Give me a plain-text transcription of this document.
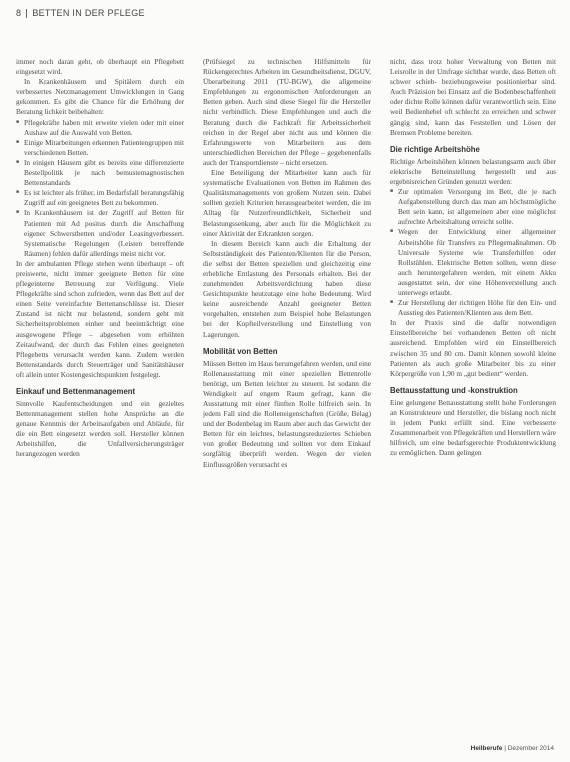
8 BETTEN IN DER PFLEGE

immer noch daran geht, ob überhaupt ein Pflegebett eingesetzt wird.

In Krankenhäusern und Spitälern durch ein verbessertes Netzmanagement Umwicklungen in Gang gekommen. Es gibt die Chance für die Erhöhung der Beratung lichkeit beibehalten:

■ Pflegekräfte haben mit erweite vielen oder mit einer Aushaw auf die Auswahl von Betten.
■ Einige Mitarbeitungen erkennen Patientengruppen mit verschiedenen Betten.
■ In einigen Häusern gibt es bereits eine differenzierte Bestellpolitik je nach bemustemagnostischen Bettenstandards
■ Es ist leichter als früher, im Bedarfsfall beratungsfähig Zugriff auf ein geeignetes Bett zu bekommen.
■ In Krankenhäusern ist der Zugriff auf Betten für Patienten mit Ad positus durch die Anschaffung eigener Schwerstbetten und/oder Leasingverbessert. Systematische Regelungen (Leisten betreffende Räumen) fehlen dafür allerdings meist nicht vor.

In der ambulanten Pflege stehen wenn überhaupt – oft preiswerte, nicht immer geeignete Betten für eine pflegeinterne Betreuung zur Verfügung. Viele Pflegekräfte sind schon zufrieden, wenn das Bett auf der einen Seite vereinfachte Bettenanschlüsse ist. Dieser Zustand ist nicht nur belastend, sondern geht mit Sicherheitsproblemen einher und beeinträchtigt eine ausgewogene Pflege – abgesehen vom erhöhten Zeitaufwand, der durch das Fehlen eines geeigneten Pflegebetts verursacht werden kann. Zudem werden Bettenstandards durch Steuerträger und Sanitätshäuser oft allein unter Kostengesichtspunkten festgelegt.

Einkauf und Bettenmanagement

Sinnvolle Kaufentscheidungen und ein gezieltes Bettenmanagement stellen hohe Ansprüche an die genaue Kenntnis der Arbeitsaufgaben und Abläufe, für die ein Bett eingesetzt werden soll. Hersteller können Arbeitshilfen, die Unfallversicherungsträger herangezogen werden

(Prüfsiegel zu technischen Hilfsmitteln für Rückengerechtes Arbeiten im Gesundheitsdienst, DGUV, Überarbeitung 2011 (TÜ-BGW), die allgemeine Empfehlungen zu ergonomischen Anforderungen an Betten geben. Auch sind diese Siegel für die Hersteller nicht verbindlich. Diese Empfehlungen und auch die Beratung durch die Fachkraft für Arbeitssicherheit reichen in der Regel aber nicht aus und können die Erfahrungswerte von Mitarbeitern aus dem unterschiedlichen Bereichen der Pflege – gegebenenfalls auch der Transportdienste – nicht ersetzen.

Eine Beteiligung der Mitarbeiter kann auch für systematische Evaluationen von Betten im Rahmen des Qualitätsmanagements von großem Nutzen sein. Dabei sollten gezielt Kriterien herausgearbeitet werden, die im Alltag für Nutzerfreundlichkeit, Sicherheit und Belastungssenkung, aber auch für die Möglichkeit zu einer Aktivität der Erkrankten sorgen.

In diesem Bereich kann auch die Erhaltung der Selbstständigkeit des Patienten/Klienten für die Person, die selbst der Betten speziellen und gleichzeitig eine erhebliche Entlastung des Personals erhalten. Bei der zunehmenden Arbeitsverdichtung haben diese Gesichtspunkte heutzutage eine hohe Bedeutung. Wird keine ausreichende Anzahl geeigneter Betten vorgehalten, entstehen zum Beispiel hohe Belastungen bei der Kopfteilverstellung und Einstellung von Lagerungen.

Mobilität von Betten

Müssen Betten im Haus herumgefahren werden, und eine Rollenausstattung mit einer speziellen Bettenrolle benötigt, um Betten leichter zu steuern. Ist sodann die Wendigkeit auf engem Raum gefragt, kann die Ausstattung mit einer fünften Rolle hilfreich sein. In jedem Fall sind die Rolleneigenschaften (Größe, Belag) und der Bodenbelag im Raum aber auch das Gewicht der Betten für ein leichtes, belastungsreduziertes Schieben von großer Bedeutung und sollten vor dem Einkauf sorgfältig überprüft werden. Wegen der vielen Einflussgrößen verursacht es

nicht, dass trotz hoher Verwaltung von Betten mit Leisrolle in der Umfrage sichtbar wurde, dass Betten oft schwer schieb- beziehungsweise positionierbar sind. Auch Präzision bei Einsatz auf die Bodenbeschaffenheit oder dichte Rolle können dafür verantwortlich sein. Eine weil Bedienhebel oft schlecht zu erreichen und schwer gängig sind, kann das Feststellen und Lösen der Bremsen Probleme bereiten.

Die richtige Arbeitshöhe

Richtige Arbeitshöhen können belastungsarm auch über elektrische Betteinstellung hergestellt und aus ergebnisreichen Gründen genutzt werden:

■ Zur optimalen Versorgung im Bett, die je nach Aufgabenstellung durch das man am höchstmögliche Bett sein kann, ist allgemeinen aber eine möglichst aufrechte Arbeitshaltung erreicht sollte.
■ Wegen der Entwicklung einer allgemeiner Arbeitshöhe für Transfers zu Pflegemaßnahmen. Ob Universale Systeme wie Transferhilfen oder Rollstühlen. Elektrische Betten sollten, wenn diese auch heruntergefahren werden, mit einem Akku ausgestattet sein, der eine Höhenverstellung auch unterwegs erlaubt.
■ Zur Herstellung der richtigen Höhe für den Ein- und Ausstieg des Patienten/Klienten aus dem Bett.

In der Praxis sind die dafür notwendigen Einstellbereiche bei vorhandenen Betten oft nicht ausreichend. Empfohlen wird ein Einstellbereich zwischen 35 und 80 cm. Damit können sowohl kleine Patienten als auch große Mitarbeiter bis zu einer Körpergröße von 1,90 m „gut bedient“ werden.

Bettausstattung und -konstruktion

Eine gelungene Bettausstattung stellt hohe Forderungen an Konstrukteure und Hersteller, die bislang noch nicht in jedem Punkt erfüllt sind. Eine verbesserte Zusammenarbeit von Pflegekräften und Herstellern wäre hilfreich, um eine bedarfsgerechte Produktentwicklung zu ermöglichen. Dann gelingen

Heilberufe | Dezember 2014
